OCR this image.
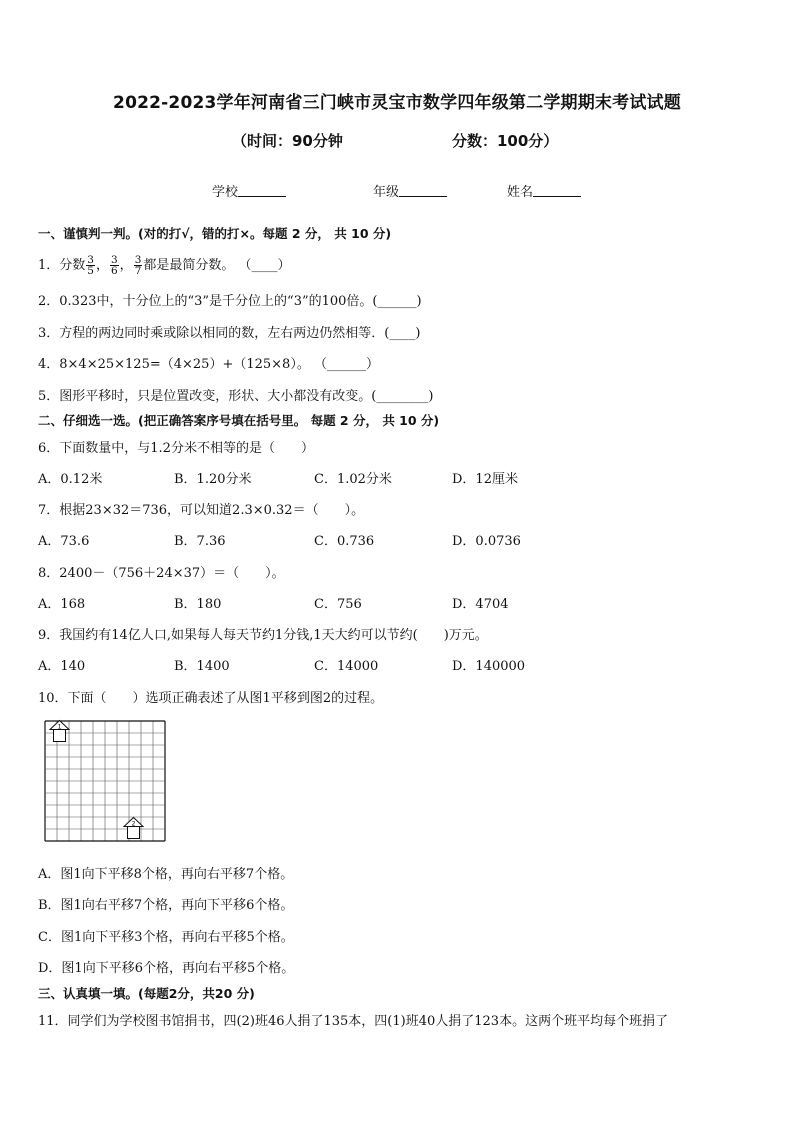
2022-2023学年河南省三门峡市灵宝市数学四年级第二学期期末考试试题
（时间：90分钟	分数：100分）
学校	年级	姓名
一、谨慎判一判。(对的打√，错的打×。每题 2 分， 共 10 分)
1．分数 $\frac{3}{5}$ ， $\frac{3}{6}$ ， $\frac{3}{7}$ 都是最简分数。 （____）
2．0.323中，十分位上的“3”是千分位上的“3”的100倍。(______)
3．方程的两边同时乘或除以相同的数，左右两边仍然相等．(____)
4．8×4×25×125=（4×25）+（125×8）。 （______）
5．图形平移时，只是位置改变，形状、大小都没有改变。(________)
二、仔细选一选。(把正确答案序号填在括号里。 每题 2 分， 共 10 分)
6．下面数量中，与1.2分米不相等的是（　　）
A．0.12米	B．1.20分米	C．1.02分米	D．12厘米
7．根据23×32＝736，可以知道2.3×0.32＝（　　）。
A．73.6	B．7.36	C．0.736	D．0.0736
8．2400－（756＋24×37）＝（　　）。
A．168	B．180	C．756	D．4704
9．我国约有14亿人口,如果每人每天节约1分钱,1天大约可以节约(　　)万元。
A．140	B．1400	C．14000	D．140000
10．下面（　　）选项正确表述了从图1平移到图2的过程。
1
2
A．图1向下平移8个格，再向右平移7个格。
B．图1向右平移7个格，再向下平移6个格。
C．图1向下平移3个格，再向右平移5个格。
D．图1向下平移6个格，再向右平移5个格。
三、认真填一填。(每题2分，共20 分)
11．同学们为学校图书馆捐书，四(2)班46人捐了135本，四(1)班40人捐了123本。这两个班平均每个班捐了
